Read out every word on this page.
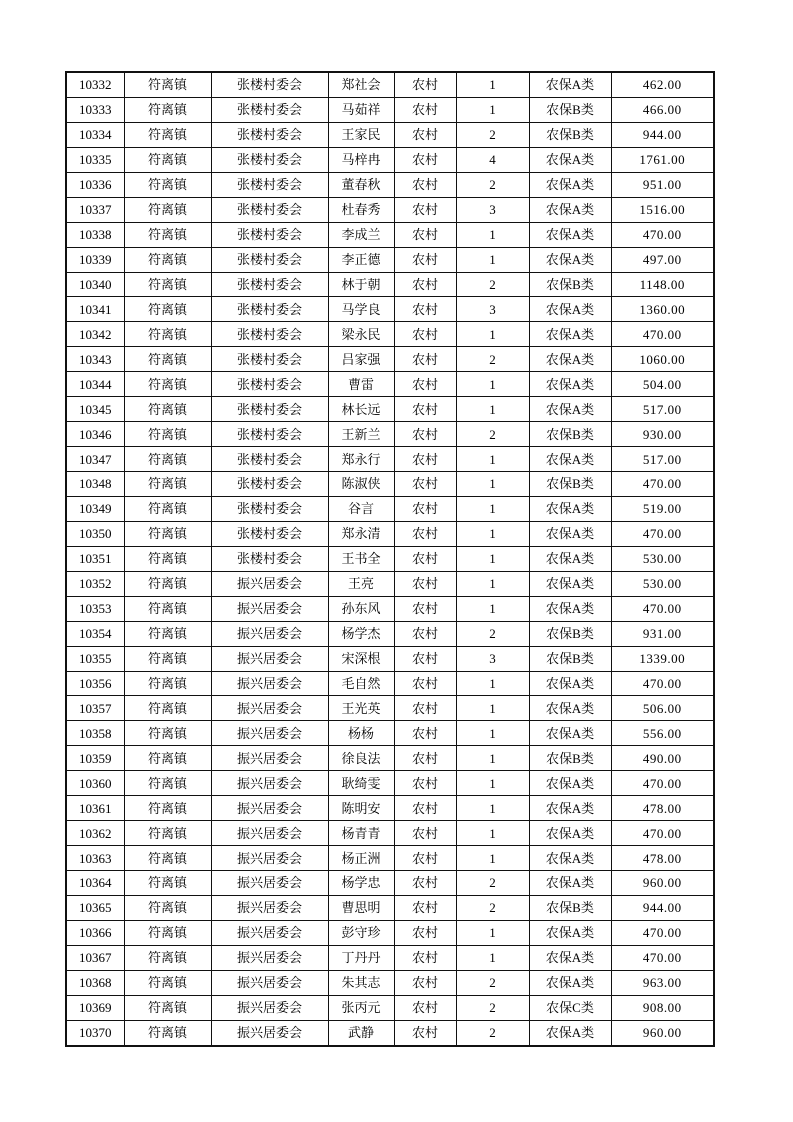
10332	符离镇	张楼村委会	郑社会	农村	1	农保A类	462.00
10333	符离镇	张楼村委会	马茹祥	农村	1	农保B类	466.00
10334	符离镇	张楼村委会	王家民	农村	2	农保B类	944.00
10335	符离镇	张楼村委会	马梓冉	农村	4	农保A类	1761.00
10336	符离镇	张楼村委会	董春秋	农村	2	农保A类	951.00
10337	符离镇	张楼村委会	杜春秀	农村	3	农保A类	1516.00
10338	符离镇	张楼村委会	李成兰	农村	1	农保A类	470.00
10339	符离镇	张楼村委会	李正德	农村	1	农保A类	497.00
10340	符离镇	张楼村委会	林于朝	农村	2	农保B类	1148.00
10341	符离镇	张楼村委会	马学良	农村	3	农保A类	1360.00
10342	符离镇	张楼村委会	梁永民	农村	1	农保A类	470.00
10343	符离镇	张楼村委会	吕家强	农村	2	农保A类	1060.00
10344	符离镇	张楼村委会	曹雷	农村	1	农保A类	504.00
10345	符离镇	张楼村委会	林长远	农村	1	农保A类	517.00
10346	符离镇	张楼村委会	王新兰	农村	2	农保B类	930.00
10347	符离镇	张楼村委会	郑永行	农村	1	农保A类	517.00
10348	符离镇	张楼村委会	陈淑侠	农村	1	农保B类	470.00
10349	符离镇	张楼村委会	谷言	农村	1	农保A类	519.00
10350	符离镇	张楼村委会	郑永清	农村	1	农保A类	470.00
10351	符离镇	张楼村委会	王书全	农村	1	农保A类	530.00
10352	符离镇	振兴居委会	王亮	农村	1	农保A类	530.00
10353	符离镇	振兴居委会	孙东风	农村	1	农保A类	470.00
10354	符离镇	振兴居委会	杨学杰	农村	2	农保B类	931.00
10355	符离镇	振兴居委会	宋深根	农村	3	农保B类	1339.00
10356	符离镇	振兴居委会	毛自然	农村	1	农保A类	470.00
10357	符离镇	振兴居委会	王光英	农村	1	农保A类	506.00
10358	符离镇	振兴居委会	杨杨	农村	1	农保A类	556.00
10359	符离镇	振兴居委会	徐良法	农村	1	农保B类	490.00
10360	符离镇	振兴居委会	耿绮雯	农村	1	农保A类	470.00
10361	符离镇	振兴居委会	陈明安	农村	1	农保A类	478.00
10362	符离镇	振兴居委会	杨青青	农村	1	农保A类	470.00
10363	符离镇	振兴居委会	杨正洲	农村	1	农保A类	478.00
10364	符离镇	振兴居委会	杨学忠	农村	2	农保A类	960.00
10365	符离镇	振兴居委会	曹思明	农村	2	农保B类	944.00
10366	符离镇	振兴居委会	彭守珍	农村	1	农保A类	470.00
10367	符离镇	振兴居委会	丁丹丹	农村	1	农保A类	470.00
10368	符离镇	振兴居委会	朱其志	农村	2	农保A类	963.00
10369	符离镇	振兴居委会	张丙元	农村	2	农保C类	908.00
10370	符离镇	振兴居委会	武静	农村	2	农保A类	960.00
